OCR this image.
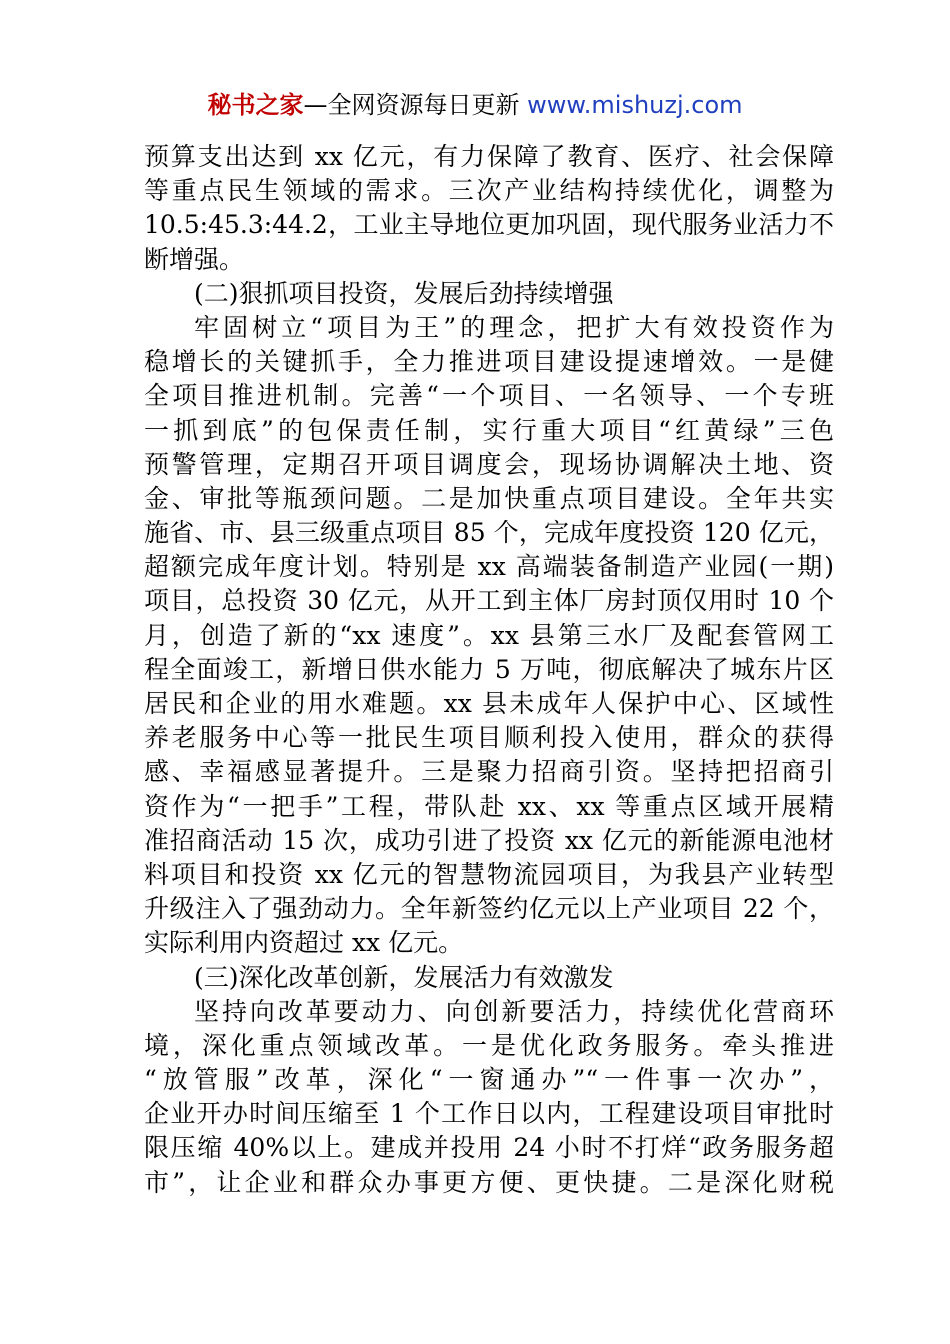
秘书之家—全网资源每日更新 www.mishuzj.com
预算支出达到 xx 亿元，有力保障了教育、医疗、社会保障
等重点民生领域的需求。三次产业结构持续优化，调整为
10.5:45.3:44.2，工业主导地位更加巩固，现代服务业活力不
断增强。
(二)狠抓项目投资，发展后劲持续增强
牢固树立“项目为王”的理念，把扩大有效投资作为
稳增长的关键抓手，全力推进项目建设提速增效。一是健
全项目推进机制。完善“一个项目、一名领导、一个专班
一抓到底”的包保责任制，实行重大项目“红黄绿”三色
预警管理，定期召开项目调度会，现场协调解决土地、资
金、审批等瓶颈问题。二是加快重点项目建设。全年共实
施省、市、县三级重点项目 85 个，完成年度投资 120 亿元，
超额完成年度计划。特别是 xx 高端装备制造产业园(一期)
项目，总投资 30 亿元，从开工到主体厂房封顶仅用时 10 个
月，创造了新的“xx 速度”。xx 县第三水厂及配套管网工
程全面竣工，新增日供水能力 5 万吨，彻底解决了城东片区
居民和企业的用水难题。xx 县未成年人保护中心、区域性
养老服务中心等一批民生项目顺利投入使用，群众的获得
感、幸福感显著提升。三是聚力招商引资。坚持把招商引
资作为“一把手”工程，带队赴 xx、xx 等重点区域开展精
准招商活动 15 次，成功引进了投资 xx 亿元的新能源电池材
料项目和投资 xx 亿元的智慧物流园项目，为我县产业转型
升级注入了强劲动力。全年新签约亿元以上产业项目 22 个，
实际利用内资超过 xx 亿元。
(三)深化改革创新，发展活力有效激发
坚持向改革要动力、向创新要活力，持续优化营商环
境，深化重点领域改革。一是优化政务服务。牵头推进
“放管服”改革，深化“一窗通办”“一件事一次办”，
企业开办时间压缩至 1 个工作日以内，工程建设项目审批时
限压缩 40%以上。建成并投用 24 小时不打烊“政务服务超
市”，让企业和群众办事更方便、更快捷。二是深化财税
